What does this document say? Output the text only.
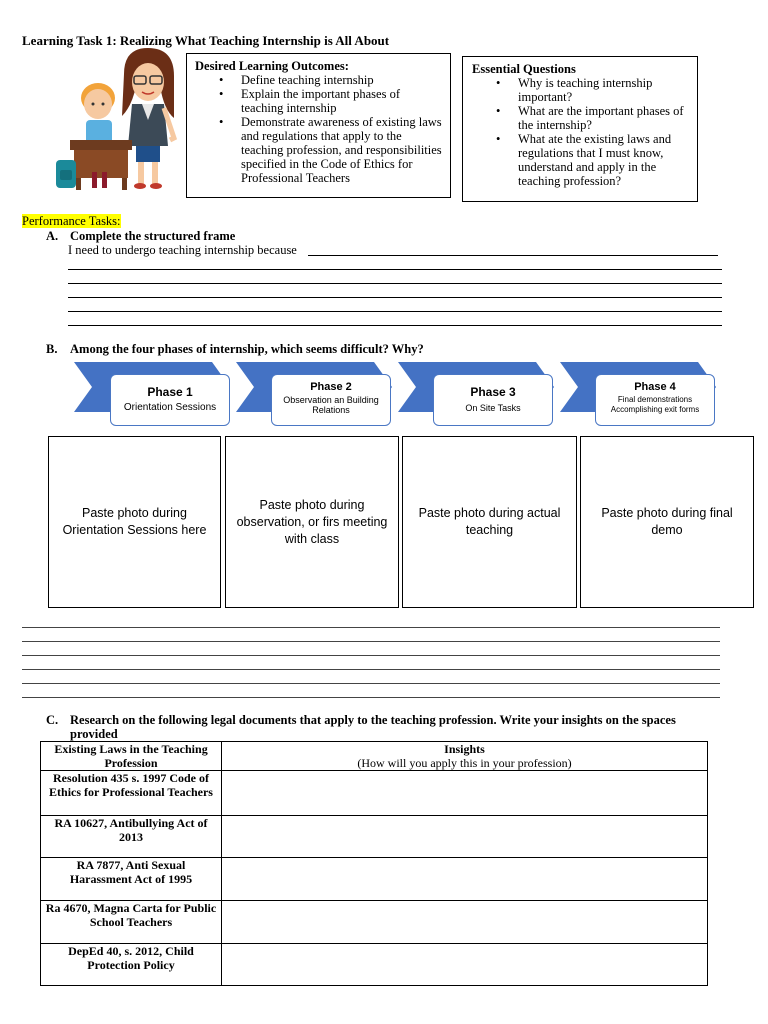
Learning Task 1: Realizing What Teaching Internship is All About
Desired Learning Outcomes:
• Define teaching internship
• Explain the important phases of teaching internship
• Demonstrate awareness of existing laws and regulations that apply to the teaching profession, and responsibilities specified in the Code of Ethics for Professional Teachers
Essential Questions
• Why is teaching internship important?
• What are the important phases of the internship?
• What ate the existing laws and regulations that I must know, understand and apply in the teaching profession?
Performance Tasks:
A. Complete the structured frame
I need to undergo teaching internship because
B. Among the four phases of internship, which seems difficult? Why?
Phase 1
Orientation Sessions
Phase 2
Observation an Building Relations
Phase 3
On Site Tasks
Phase 4
Final demonstrations Accomplishing exit forms
Paste photo during Orientation Sessions here
Paste photo during observation, or firs meeting with class
Paste photo during actual teaching
Paste photo during final demo
C. Research on the following legal documents that apply to the teaching profession. Write your insights on the spaces provided
Existing Laws in the Teaching Profession	Insights
(How will you apply this in your profession)

Resolution 435 s. 1997 Code of Ethics for Professional Teachers	
RA 10627, Antibullying Act of 2013	
RA 7877, Anti Sexual Harassment Act of 1995	
Ra 4670, Magna Carta for Public School Teachers	
DepEd 40, s. 2012, Child Protection Policy	
